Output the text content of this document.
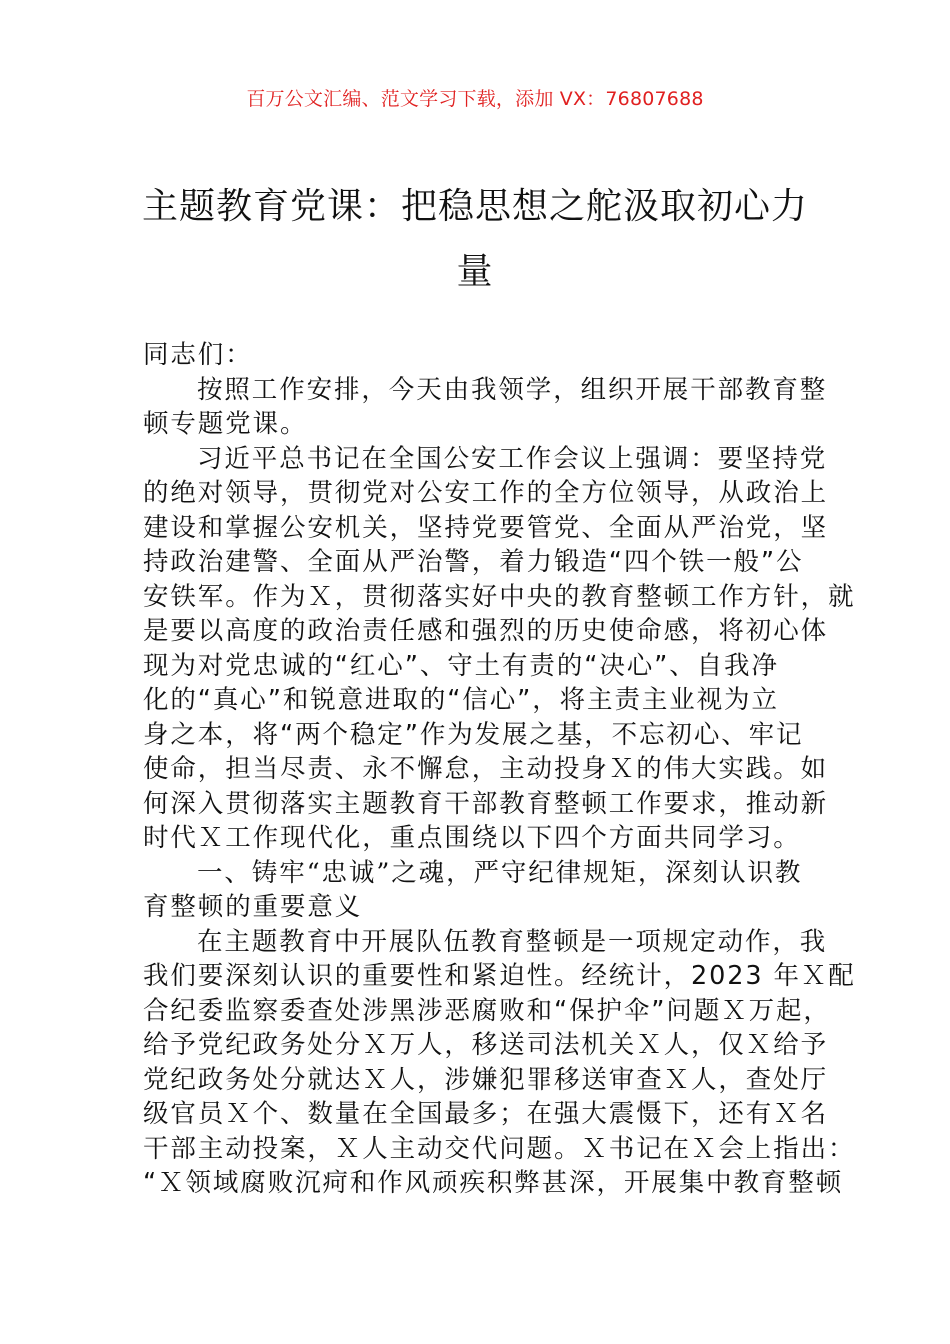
百万公文汇编、范文学习下载，添加 VX：76807688
主题教育党课：把稳思想之舵汲取初心力
量
同志们：
按照工作安排，今天由我领学，组织开展干部教育整
顿专题党课。
习近平总书记在全国公安工作会议上强调：要坚持党
的绝对领导，贯彻党对公安工作的全方位领导，从政治上
建设和掌握公安机关，坚持党要管党、全面从严治党，坚
持政治建警、全面从严治警，着力锻造“四个铁一般”公
安铁军。作为Ｘ，贯彻落实好中央的教育整顿工作方针，就
是要以高度的政治责任感和强烈的历史使命感，将初心体
现为对党忠诚的“红心”、守土有责的“决心”、自我净
化的“真心”和锐意进取的“信心”，将主责主业视为立
身之本，将“两个稳定”作为发展之基，不忘初心、牢记
使命，担当尽责、永不懈怠，主动投身Ｘ的伟大实践。如
何深入贯彻落实主题教育干部教育整顿工作要求，推动新
时代Ｘ工作现代化，重点围绕以下四个方面共同学习。
一、铸牢“忠诚”之魂，严守纪律规矩，深刻认识教
育整顿的重要意义
在主题教育中开展队伍教育整顿是一项规定动作，我
我们要深刻认识的重要性和紧迫性。经统计，2023 年Ｘ配
合纪委监察委查处涉黑涉恶腐败和“保护伞”问题Ｘ万起，
给予党纪政务处分Ｘ万人，移送司法机关Ｘ人，仅Ｘ给予
党纪政务处分就达Ｘ人，涉嫌犯罪移送审查Ｘ人，查处厅
级官员Ｘ个、数量在全国最多；在强大震慑下，还有Ｘ名
干部主动投案，Ｘ人主动交代问题。Ｘ书记在Ｘ会上指出：
“Ｘ领域腐败沉疴和作风顽疾积弊甚深，开展集中教育整顿
